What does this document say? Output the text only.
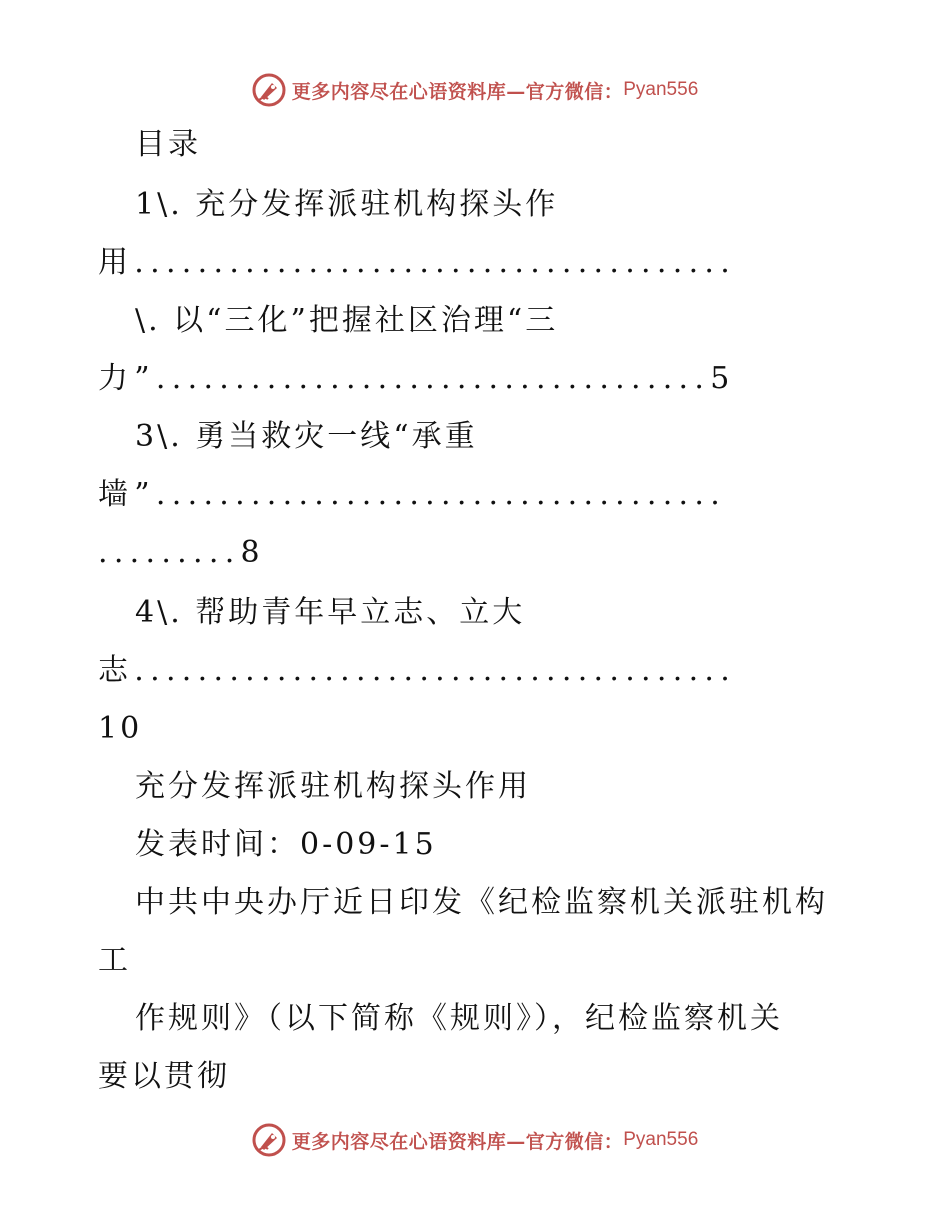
更多内容尽在心语资料库—官方微信： Pyan556
目录
1\. 充分发挥派驻机构探头作
用......................................
\. 以“三化”把握社区治理“三
力”...................................5
3\. 勇当救灾一线“承重
墙”....................................
.........8
4\. 帮助青年早立志、立大
志......................................
10
充分发挥派驻机构探头作用
发表时间：0-09-15
中共中央办厅近日印发《纪检监察机关派驻机构
工
作规则》（以下简称《规则》），纪检监察机关
要以贯彻
更多内容尽在心语资料库—官方微信： Pyan556
